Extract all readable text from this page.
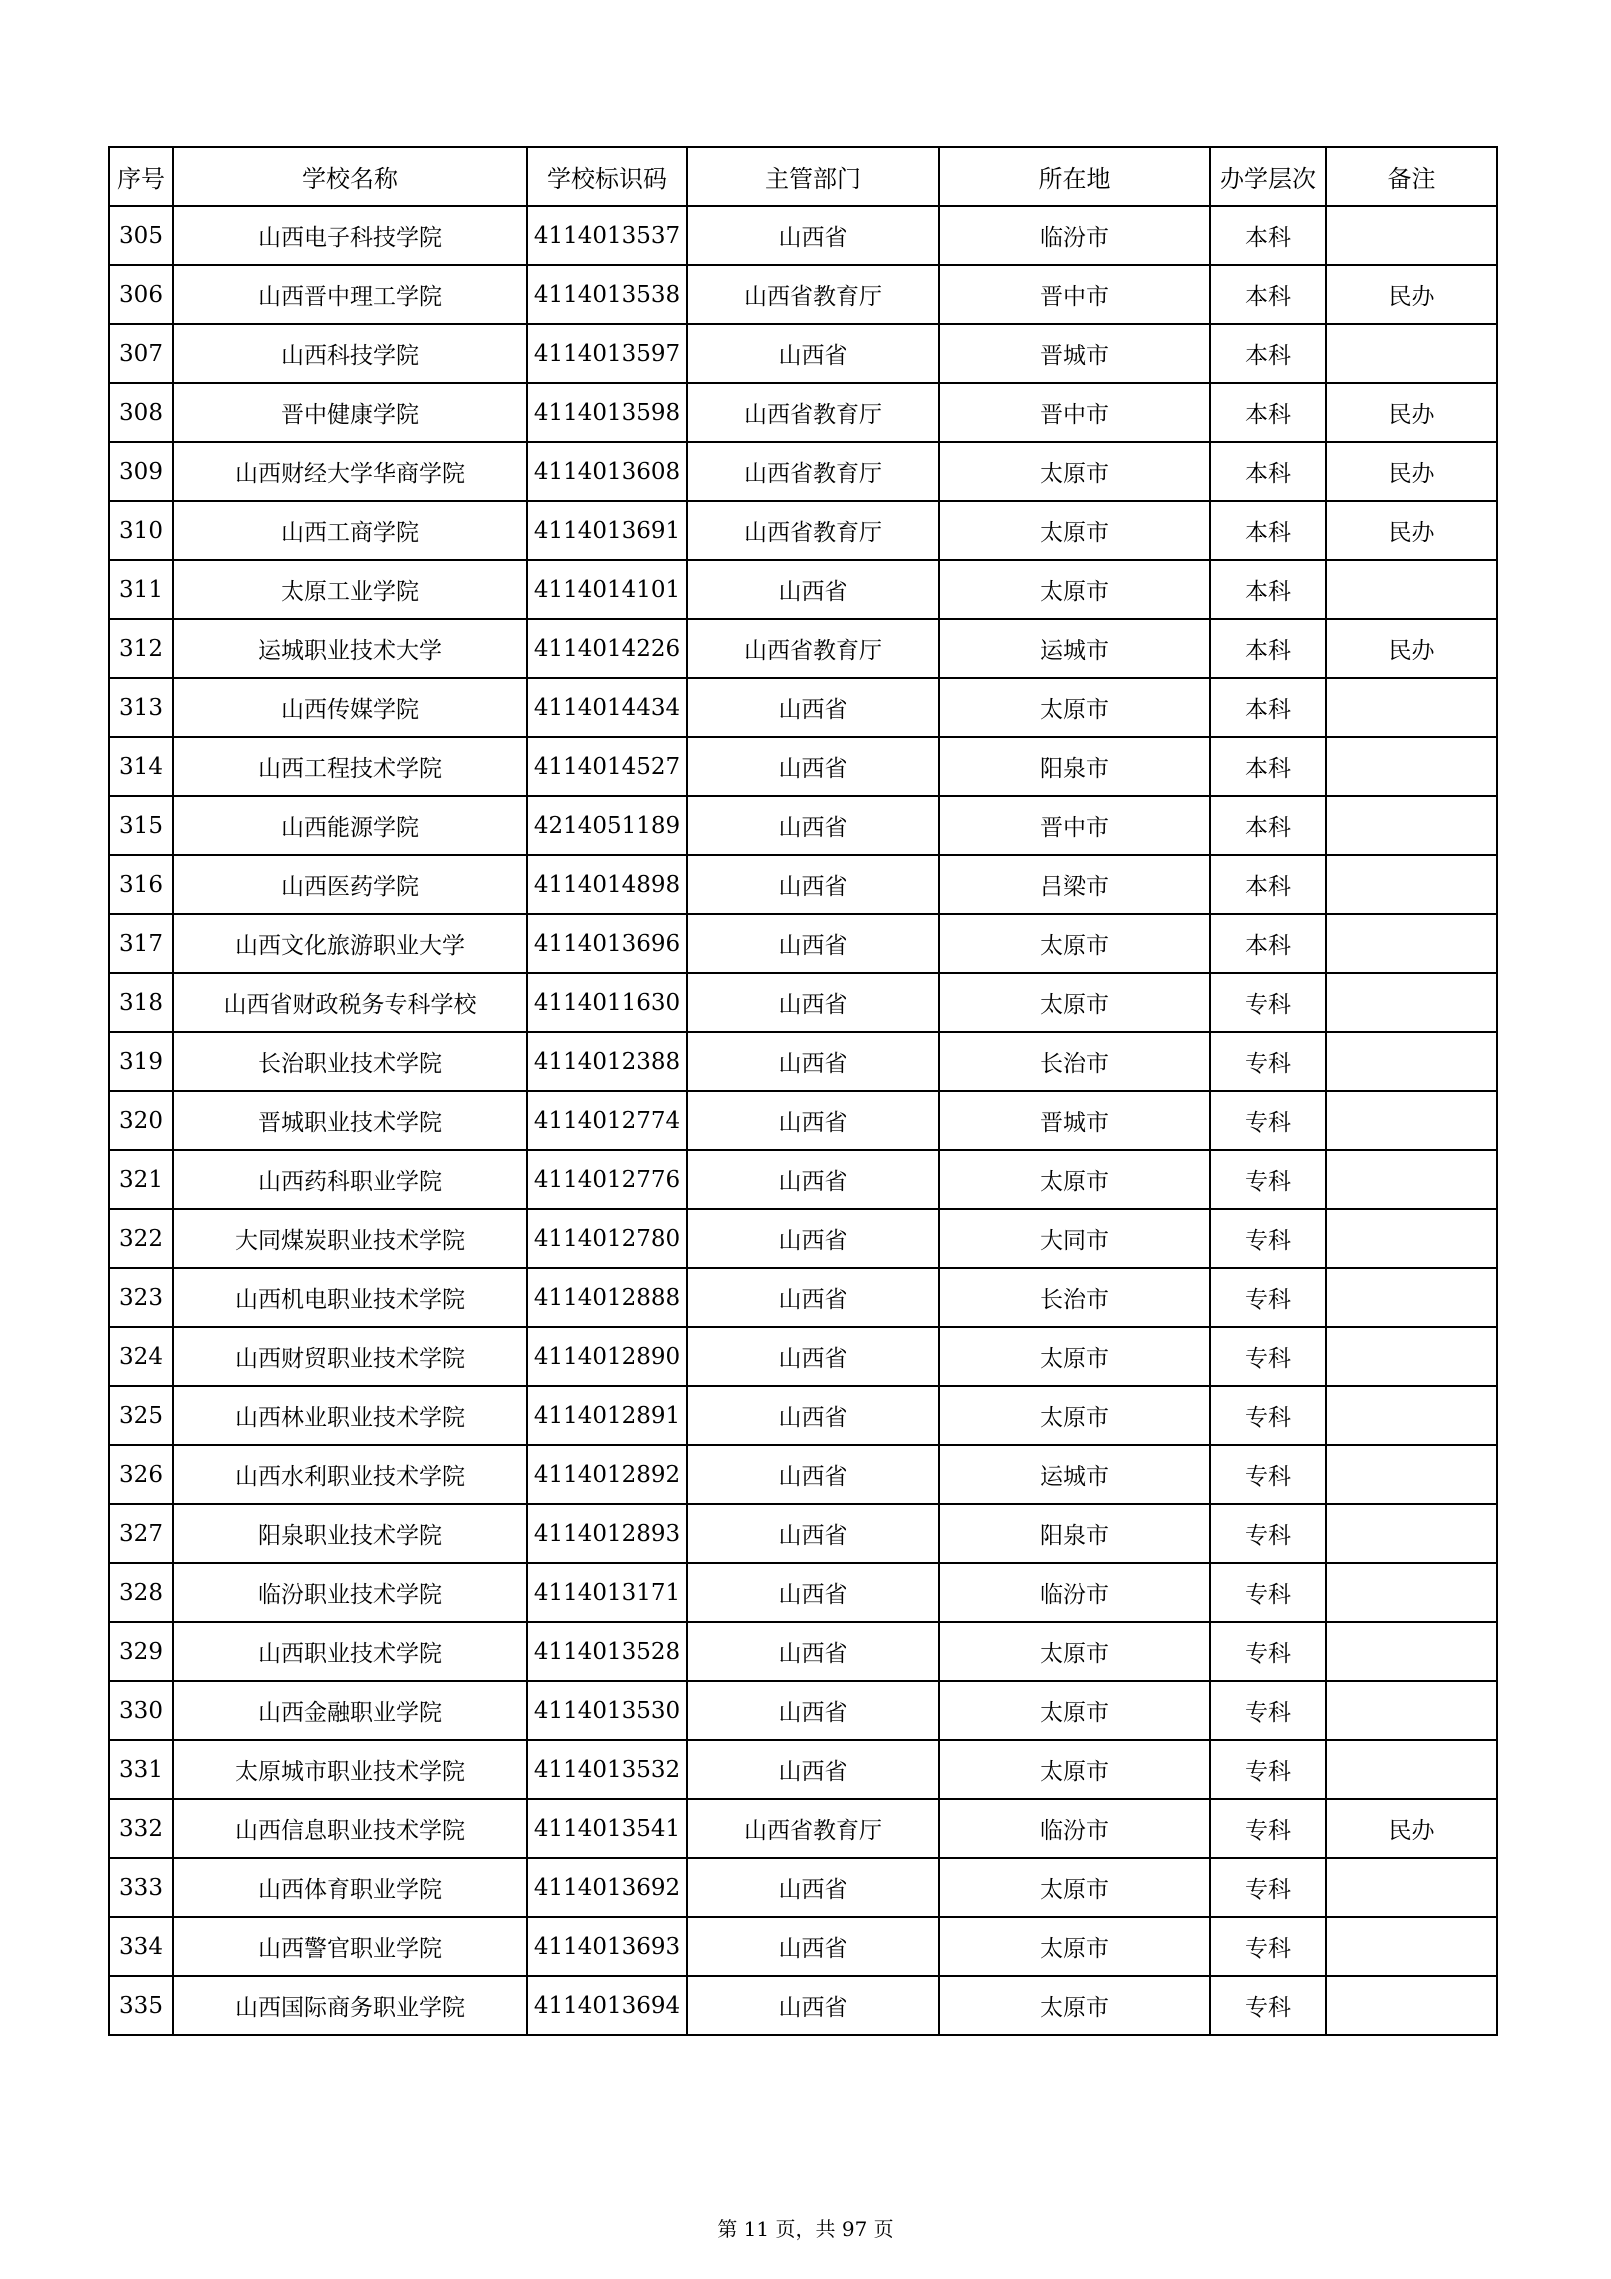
序号	学校名称	学校标识码	主管部门	所在地	办学层次	备注
305	山西电子科技学院	4114013537	山西省	临汾市	本科	
306	山西晋中理工学院	4114013538	山西省教育厅	晋中市	本科	民办
307	山西科技学院	4114013597	山西省	晋城市	本科	
308	晋中健康学院	4114013598	山西省教育厅	晋中市	本科	民办
309	山西财经大学华商学院	4114013608	山西省教育厅	太原市	本科	民办
310	山西工商学院	4114013691	山西省教育厅	太原市	本科	民办
311	太原工业学院	4114014101	山西省	太原市	本科	
312	运城职业技术大学	4114014226	山西省教育厅	运城市	本科	民办
313	山西传媒学院	4114014434	山西省	太原市	本科	
314	山西工程技术学院	4114014527	山西省	阳泉市	本科	
315	山西能源学院	4214051189	山西省	晋中市	本科	
316	山西医药学院	4114014898	山西省	吕梁市	本科	
317	山西文化旅游职业大学	4114013696	山西省	太原市	本科	
318	山西省财政税务专科学校	4114011630	山西省	太原市	专科	
319	长治职业技术学院	4114012388	山西省	长治市	专科	
320	晋城职业技术学院	4114012774	山西省	晋城市	专科	
321	山西药科职业学院	4114012776	山西省	太原市	专科	
322	大同煤炭职业技术学院	4114012780	山西省	大同市	专科	
323	山西机电职业技术学院	4114012888	山西省	长治市	专科	
324	山西财贸职业技术学院	4114012890	山西省	太原市	专科	
325	山西林业职业技术学院	4114012891	山西省	太原市	专科	
326	山西水利职业技术学院	4114012892	山西省	运城市	专科	
327	阳泉职业技术学院	4114012893	山西省	阳泉市	专科	
328	临汾职业技术学院	4114013171	山西省	临汾市	专科	
329	山西职业技术学院	4114013528	山西省	太原市	专科	
330	山西金融职业学院	4114013530	山西省	太原市	专科	
331	太原城市职业技术学院	4114013532	山西省	太原市	专科	
332	山西信息职业技术学院	4114013541	山西省教育厅	临汾市	专科	民办
333	山西体育职业学院	4114013692	山西省	太原市	专科	
334	山西警官职业学院	4114013693	山西省	太原市	专科	
335	山西国际商务职业学院	4114013694	山西省	太原市	专科	
第 11 页，共 97 页
